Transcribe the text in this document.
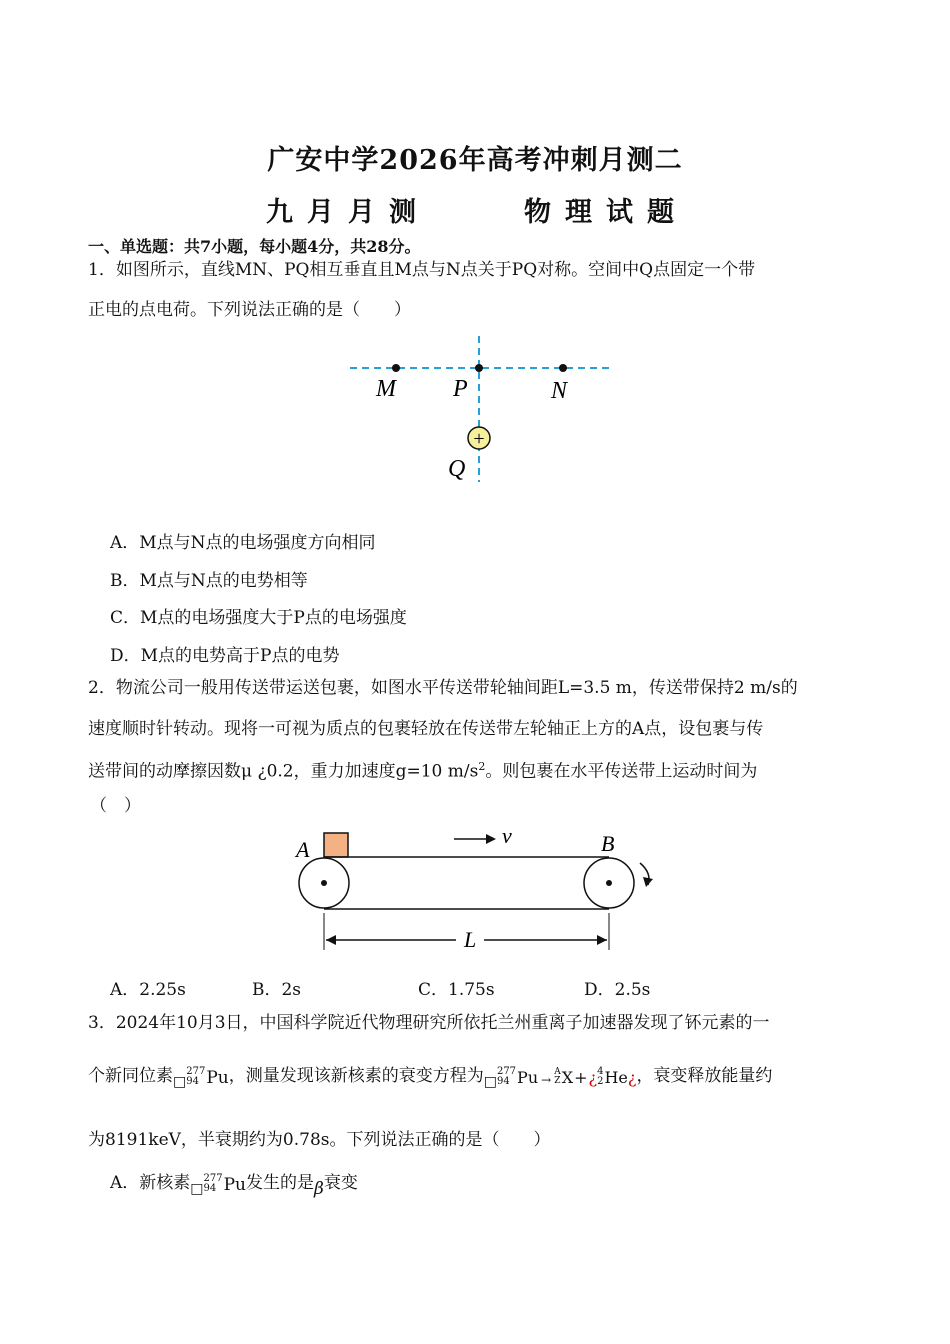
广安中学2026年高考冲刺月测二
九月月测	物理试题
一、单选题：共7小题，每小题4分，共28分。
1．如图所示，直线MN、PQ相互垂直且M点与N点关于PQ对称。空间中Q点固定一个带
正电的点电荷。下列说法正确的是（　　）
+
M P	N
Q
A．M点与N点的电场强度方向相同
B．M点与N点的电势相等
C．M点的电场强度大于P点的电场强度
D．M点的电势高于P点的电势
2．物流公司一般用传送带运送包裹，如图水平传送带轮轴间距L=3.5 m，传送带保持2 m/s的
速度顺时针转动。现将一可视为质点的包裹轻放在传送带左轮轴正上方的A点，设包裹与传
送带间的动摩擦因数μ ¿0.2，重力加速度g=10 $m/s^2$。则包裹在水平传送带上运动时间为
（　）
A	B
v
L
A．2.25s	B．2s	C．1.75s	D．2.5s
3．2024年10月3日，中国科学院近代物理研究所依托兰州重离子加速器发现了钚元素的一
个新同位素□
277
94 Pu，测量发现该新核素的衰变方程为□
277
94 Pu →
A
Z X+¿ 4
2 He¿，衰变释放能量约
为8191keV，半衰期约为0.78s。下列说法正确的是（　　）
A．新核素□
277
94 Pu发生的是β衰变
